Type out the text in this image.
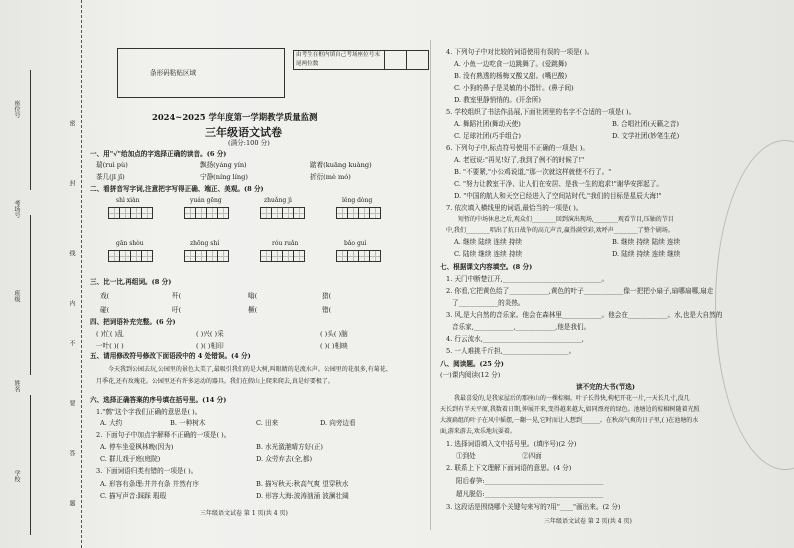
座位号
考场号
班级
姓名
学校
密
封
线
内
不
要
答
题
条形码粘贴区域
由考生在框内填自己考场座位号末尾两位数
2024~2025 学年度第一学期教学质量监测
三年级语文试卷
(满分:100 分)
一、用"√"给加点的字选择正确的读音。(6 分)
瑞(ruì pù)	飘扬(yáng yín)	踮着(kuāng kuàng)
茶几(jī jǐ)	宁静(níng líng)	折衍(mè mó)
二、看拼音写字词,注意把字写得正确、端正、美观。(8 分)
shì xiàn	yuán gēng	zhuǎng jì	lěng dòng
gān shòu	zhōng shí	róu ruǎn	bǎo guì
三、比一比,再组词。(8 分)
戏(	歼(	嗡(	猎(
碰(	吁(	橛(	错(
四、把词语补充完整。(6 分)
( )忙( )乱	( )兴( )采	( )头( )脑
一叶( )( )	( )( )相印	( )( )相映
五、请用修改符号修改下面语段中的 4 处错误。(4 分)
今天我到公园去玩,公园里的景色太美了,最吸引我们的是大树,叫眼睛的是流水声。公园里的花很多,有菊花、
月季花,还有玫瑰花。公园里还有许多运动的器具。我们在假山上爬来爬去,真是好要极了。
六、选择正确答案的序号填在括号里。(14 分)
1."鹩"这个字我们正确的意思是( )。
A. 大约	B. 一种树木	C. 田来	D. 向旁边看
2. 下面句子中加点字解释不正确的一项是( )。
A. 停车坐爱枫林晚(因为)	B. 水光潋滟晴方好(正)
C. 群儿戏于庭(庭院)	D. 众劳弃去(全,都)
3. 下面词语归类有错的一项是( )。
A. 形容有条理:井井有条 井然有序	B. 描写秋天:秋高气爽 望穿秋水
C. 描写声音:踩踩 瑕瑕	D. 形容大海:波涛汹涌 波澜壮阔
三年级语文试卷 第 1 页(共 4 页)
4. 下列句子中对比较的词语使用有误的一项是( )。
A. 小鱼一边吃食一边跳舞了。(爱跳舞)
B. 没有熟透的杨梅又酸又甜。(嘴巴酸)
C. 小狗的鼻子是灵敏的小指针。(鼻子间)
D. 教室里静悄悄的。(开余所)
5. 学校组织了书法作品展,下面社团里的名字不合适的一项是( )。
A. 舞蹈社团(舞动天使)	B. 合唱社团(天籁之音)
C. 足球社团(巧手组合)	D. 文学社团(妙笔生花)
6. 下列句子中,标点符号使用不正确的一项是( )。
A. 老冠说:"再见!好了,我到了例不的时候了!"
B. "不要紧,"小公鸡说道,"那一次就这样就使不行了。"
C. "努力让教室干净、让人们在安居、是我一生的追求!"谢华安挥起了。
D. "中国的航人和天空已经进入了空间站时代,"我们的目标是星辰大海!"
7. 依次填入横线里的词语,最恰当的一项是( )。
短暂的中场休息之后,观众们________回到演出现场,________观看节目,压轴的节目
中,我们________唱出了抗日战争的高亢声音,赢得满堂彩,欢呼声________了整个剧场。
A. 继续 陆续 连续 持续	B. 继续 持续 陆续 连续
C. 陆续 继续 连续 持续	D. 陆续 持续 连续 继续
七、根据课文内容填空。(8 分)
1. 天门中断楚江开,______________________________。
2. 你看,它把黄色给了____________,黄色的叶子____________像一把把小扇子,扇哪扇哪,扇走
了____________的炎热。
3. 风,是大自然的音乐家。他会在森林里____________。他会在____________。水,也是大自然的
音乐家,____________,____________,他是我们。
4. 行云流水,______________________________,
5. 一人难挑千斤担,____________________。
八、阅读题。(25 分)
(一)课内阅读(12 分)
读不完的大书(节选)
我最喜爱的,是我家屋后的那座山的一棵棕榈。叶子长得快,枸杞开花一片,一天长几寸,没几
天长到有半天平原,我数着日期,伸展开来,变得越来越大,如同漂亮的绿色。池塘边的棕榈树随着光照
大渡扁组的叶子在风中摇摆,一翻一晃,它时而让人想到______。在秋高气爽的日子里,( )在池塘的水
面,游来游去,欢乐地玩耍着。
1. 选择词语填入文中括号里。(填序号)(2 分)
①到处	②四面
2. 联系上下文理解下面词语的意思。(4 分)
阳后春笋:____________________________________
超凡脱俗:____________________________________
3. 这段话是围绕哪个关键句来写的?用"____"画出来。(2 分)
三年级语文试卷 第 2 页(共 4 页)
